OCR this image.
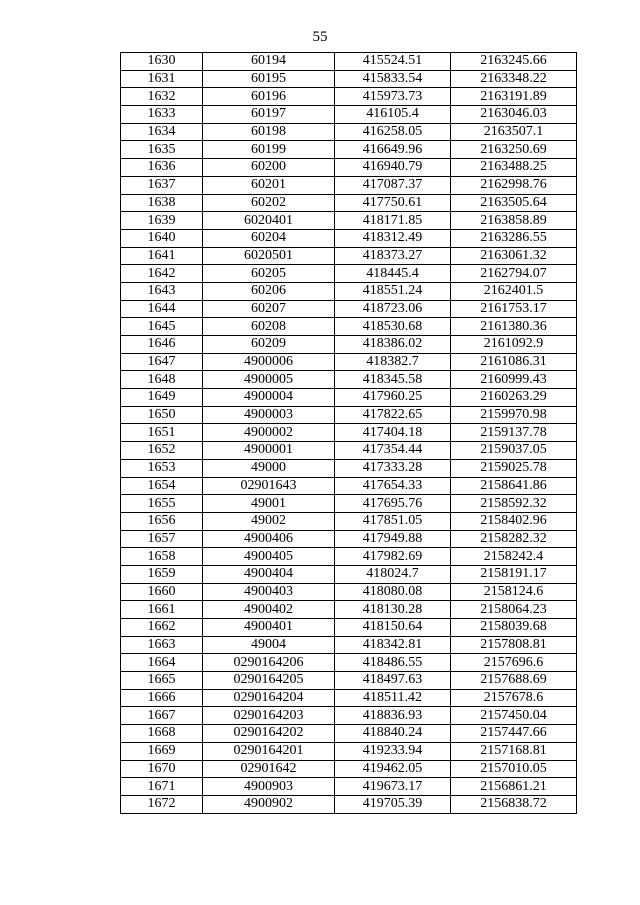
55
1630	60194	415524.51	2163245.66
1631	60195	415833.54	2163348.22
1632	60196	415973.73	2163191.89
1633	60197	416105.4	2163046.03
1634	60198	416258.05	2163507.1
1635	60199	416649.96	2163250.69
1636	60200	416940.79	2163488.25
1637	60201	417087.37	2162998.76
1638	60202	417750.61	2163505.64
1639	6020401	418171.85	2163858.89
1640	60204	418312.49	2163286.55
1641	6020501	418373.27	2163061.32
1642	60205	418445.4	2162794.07
1643	60206	418551.24	2162401.5
1644	60207	418723.06	2161753.17
1645	60208	418530.68	2161380.36
1646	60209	418386.02	2161092.9
1647	4900006	418382.7	2161086.31
1648	4900005	418345.58	2160999.43
1649	4900004	417960.25	2160263.29
1650	4900003	417822.65	2159970.98
1651	4900002	417404.18	2159137.78
1652	4900001	417354.44	2159037.05
1653	49000	417333.28	2159025.78
1654	02901643	417654.33	2158641.86
1655	49001	417695.76	2158592.32
1656	49002	417851.05	2158402.96
1657	4900406	417949.88	2158282.32
1658	4900405	417982.69	2158242.4
1659	4900404	418024.7	2158191.17
1660	4900403	418080.08	2158124.6
1661	4900402	418130.28	2158064.23
1662	4900401	418150.64	2158039.68
1663	49004	418342.81	2157808.81
1664	0290164206	418486.55	2157696.6
1665	0290164205	418497.63	2157688.69
1666	0290164204	418511.42	2157678.6
1667	0290164203	418836.93	2157450.04
1668	0290164202	418840.24	2157447.66
1669	0290164201	419233.94	2157168.81
1670	02901642	419462.05	2157010.05
1671	4900903	419673.17	2156861.21
1672	4900902	419705.39	2156838.72
